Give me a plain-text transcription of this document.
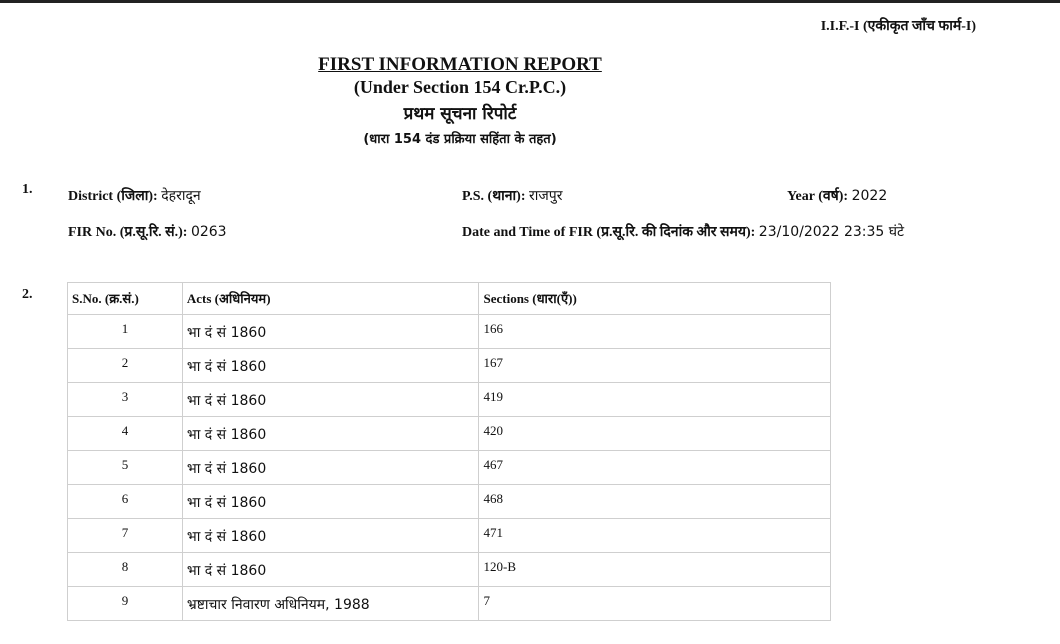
I.I.F.-I (एकीकृत जाँच फार्म-I)
FIRST INFORMATION REPORT
(Under Section 154 Cr.P.C.)
प्रथम सूचना रिपोर्ट
(धारा 154 दंड प्रक्रिया सहिंता के तहत)
1.	District (जिला): देहरादून	P.S. (थाना): राजपुर	Year (वर्ष): 2022
FIR No. (प्र.सू.रि. सं.): 0263	Date and Time of FIR (प्र.सू.रि. की दिनांक और समय): 23/10/2022 23:35 घंटे
2.	S.No. (क्र.सं.)	Acts (अधिनियम)	Sections (धारा(एँ))
1	भा दं सं 1860	166
2	भा दं सं 1860	167
3	भा दं सं 1860	419
4	भा दं सं 1860	420
5	भा दं सं 1860	467
6	भा दं सं 1860	468
7	भा दं सं 1860	471
8	भा दं सं 1860	120-B
9	भ्रष्टाचार निवारण अधिनियम, 1988	7
